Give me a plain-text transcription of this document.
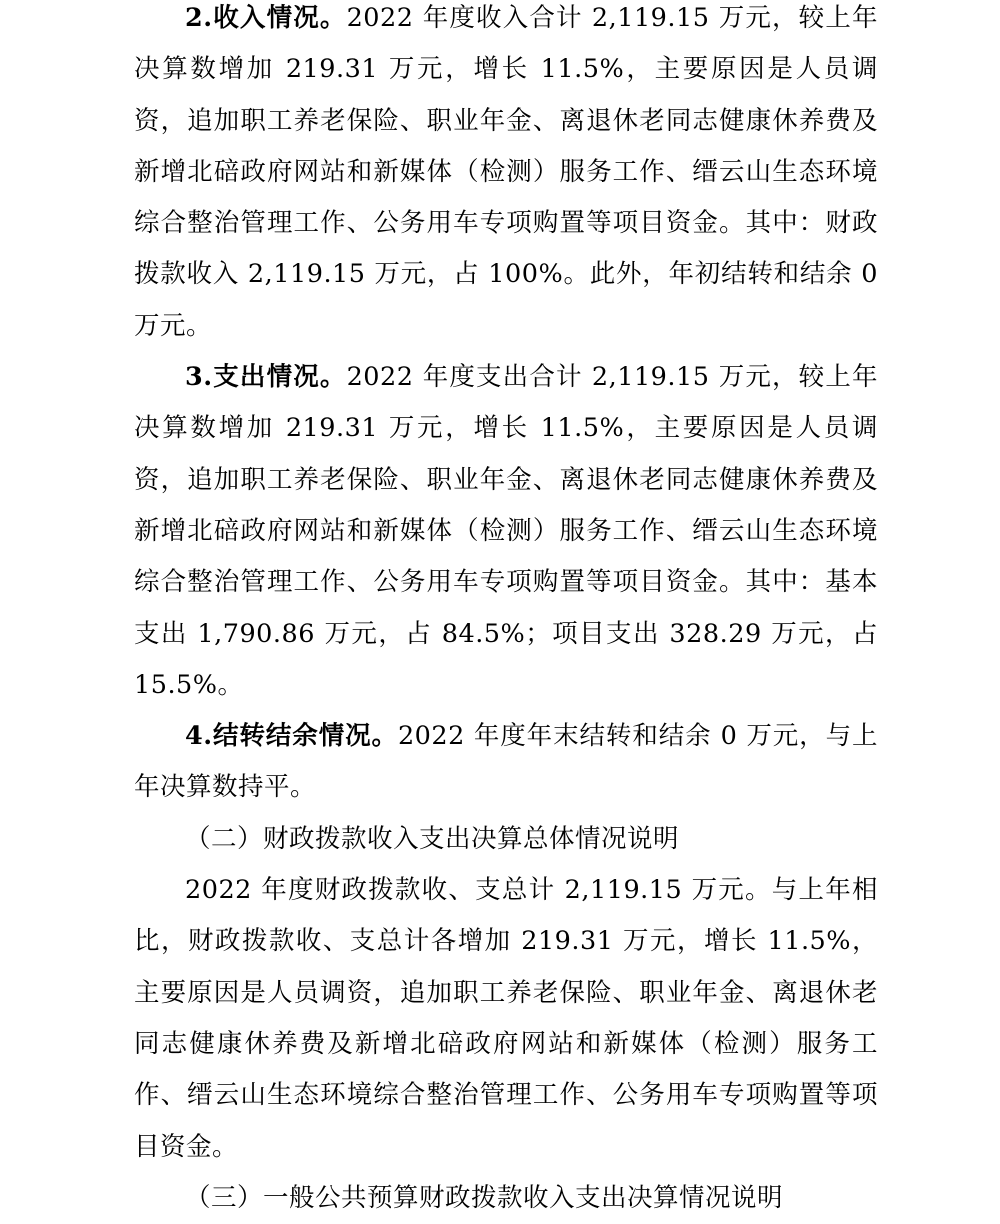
2.收入情况。2022 年度收入合计 2,119.15 万元，较上年决算数增加 219.31 万元，增长 11.5%，主要原因是人员调资，追加职工养老保险、职业年金、离退休老同志健康休养费及新增北碚政府网站和新媒体（检测）服务工作、缙云山生态环境综合整治管理工作、公务用车专项购置等项目资金。其中：财政拨款收入 2,119.15 万元，占 100%。此外，年初结转和结余 0 万元。

3.支出情况。2022 年度支出合计 2,119.15 万元，较上年决算数增加 219.31 万元，增长 11.5%，主要原因是人员调资，追加职工养老保险、职业年金、离退休老同志健康休养费及新增北碚政府网站和新媒体（检测）服务工作、缙云山生态环境综合整治管理工作、公务用车专项购置等项目资金。其中：基本支出 1,790.86 万元，占 84.5%；项目支出 328.29 万元，占 15.5%。

4.结转结余情况。2022 年度年末结转和结余 0 万元，与上年决算数持平。

（二）财政拨款收入支出决算总体情况说明

2022 年度财政拨款收、支总计 2,119.15 万元。与上年相比，财政拨款收、支总计各增加 219.31 万元，增长 11.5%，主要原因是人员调资，追加职工养老保险、职业年金、离退休老同志健康休养费及新增北碚政府网站和新媒体（检测）服务工作、缙云山生态环境综合整治管理工作、公务用车专项购置等项目资金。

（三）一般公共预算财政拨款收入支出决算情况说明
